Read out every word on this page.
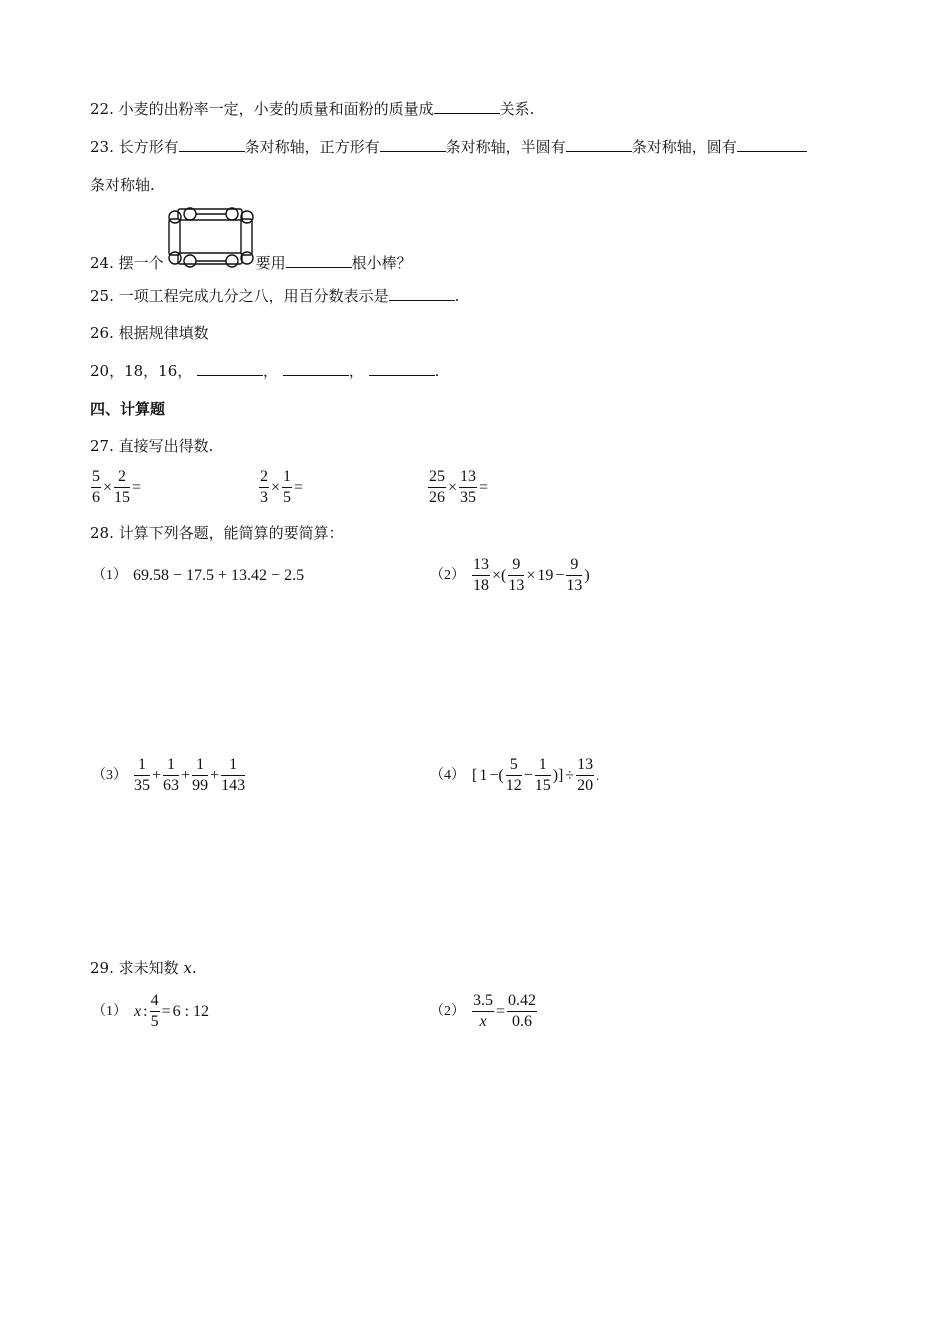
22. 小麦的出粉率一定，小麦的质量和面粉的质量成	关系.
23. 长方形有	条对称轴，正方形有	条对称轴，半圆有	条对称轴，圆有
条对称轴.
24. 摆一个	要用	根小棒？
25. 一项工程完成九分之八，用百分数表示是	.
26. 根据规律填数
20，18，16，	，	，	.
四、计算题
27. 直接写出得数.
$\frac{5}{6} \times \frac{2}{15}$ =	$\frac{2}{3} \times \frac{1}{5}$ =	$\frac{25}{26} \times \frac{13}{35}$ =
28. 计算下列各题，能简算的要简算：
（1） 69.58 − 17.5 + 13.42 − 2.5	$(2) \frac{13}{18}$ ×( $\frac{9}{13} \times 19 - \frac{9}{13}$ )
$(3) \frac{1}{35} + \frac{1}{63} + \frac{1}{99} + \frac{1}{143}$	（4） [ 1 −( $\frac{5}{12} - \frac{1}{15}$ )] ÷ $\frac{13}{20}$ .
29. 求未知数 x.
（1） x : $\frac{4}{5} = 6$ : 12	$(2) \frac{3.5}{x} = \frac{0.42}{0.6}$
